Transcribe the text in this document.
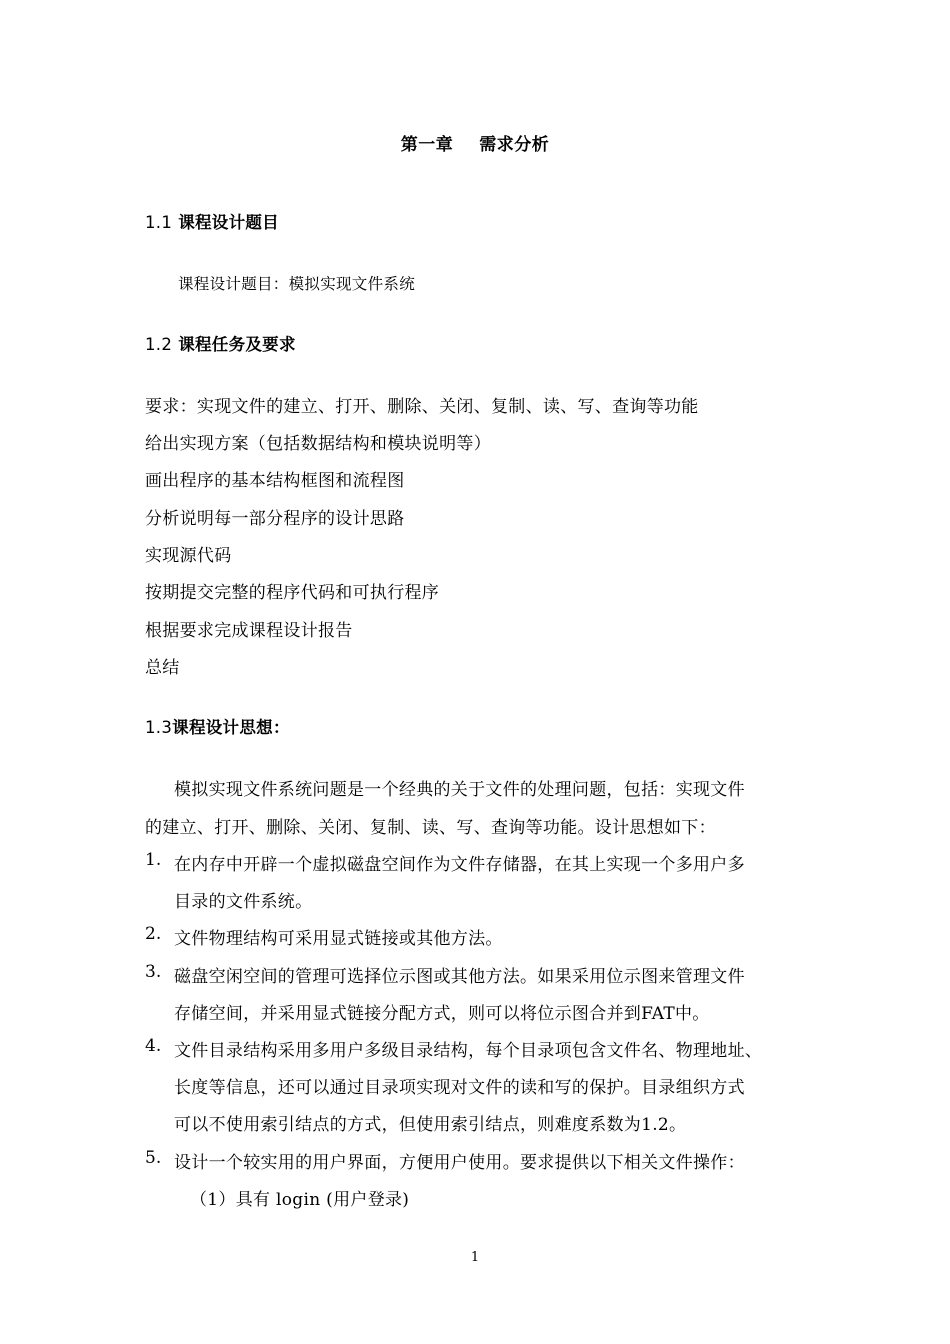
第一章 需求分析
1.1 课程设计题目
课程设计题目：模拟实现文件系统
1.2 课程任务及要求
要求：实现文件的建立、打开、删除、关闭、复制、读、写、查询等功能
给出实现方案（包括数据结构和模块说明等）
画出程序的基本结构框图和流程图
分析说明每一部分程序的设计思路
实现源代码
按期提交完整的程序代码和可执行程序
根据要求完成课程设计报告
总结
1.3课程设计思想：
模拟实现文件系统问题是一个经典的关于文件的处理问题，包括：实现文件
的建立、打开、删除、关闭、复制、读、写、查询等功能。设计思想如下：
1. 在内存中开辟一个虚拟磁盘空间作为文件存储器，在其上实现一个多用户多
目录的文件系统。
2. 文件物理结构可采用显式链接或其他方法。
3. 磁盘空闲空间的管理可选择位示图或其他方法。如果采用位示图来管理文件
存储空间，并采用显式链接分配方式，则可以将位示图合并到FAT中。
4. 文件目录结构采用多用户多级目录结构，每个目录项包含文件名、物理地址、
长度等信息，还可以通过目录项实现对文件的读和写的保护。目录组织方式
可以不使用索引结点的方式，但使用索引结点，则难度系数为1.2。
5. 设计一个较实用的用户界面，方便用户使用。要求提供以下相关文件操作：
（1）具有 login (用户登录)
1
